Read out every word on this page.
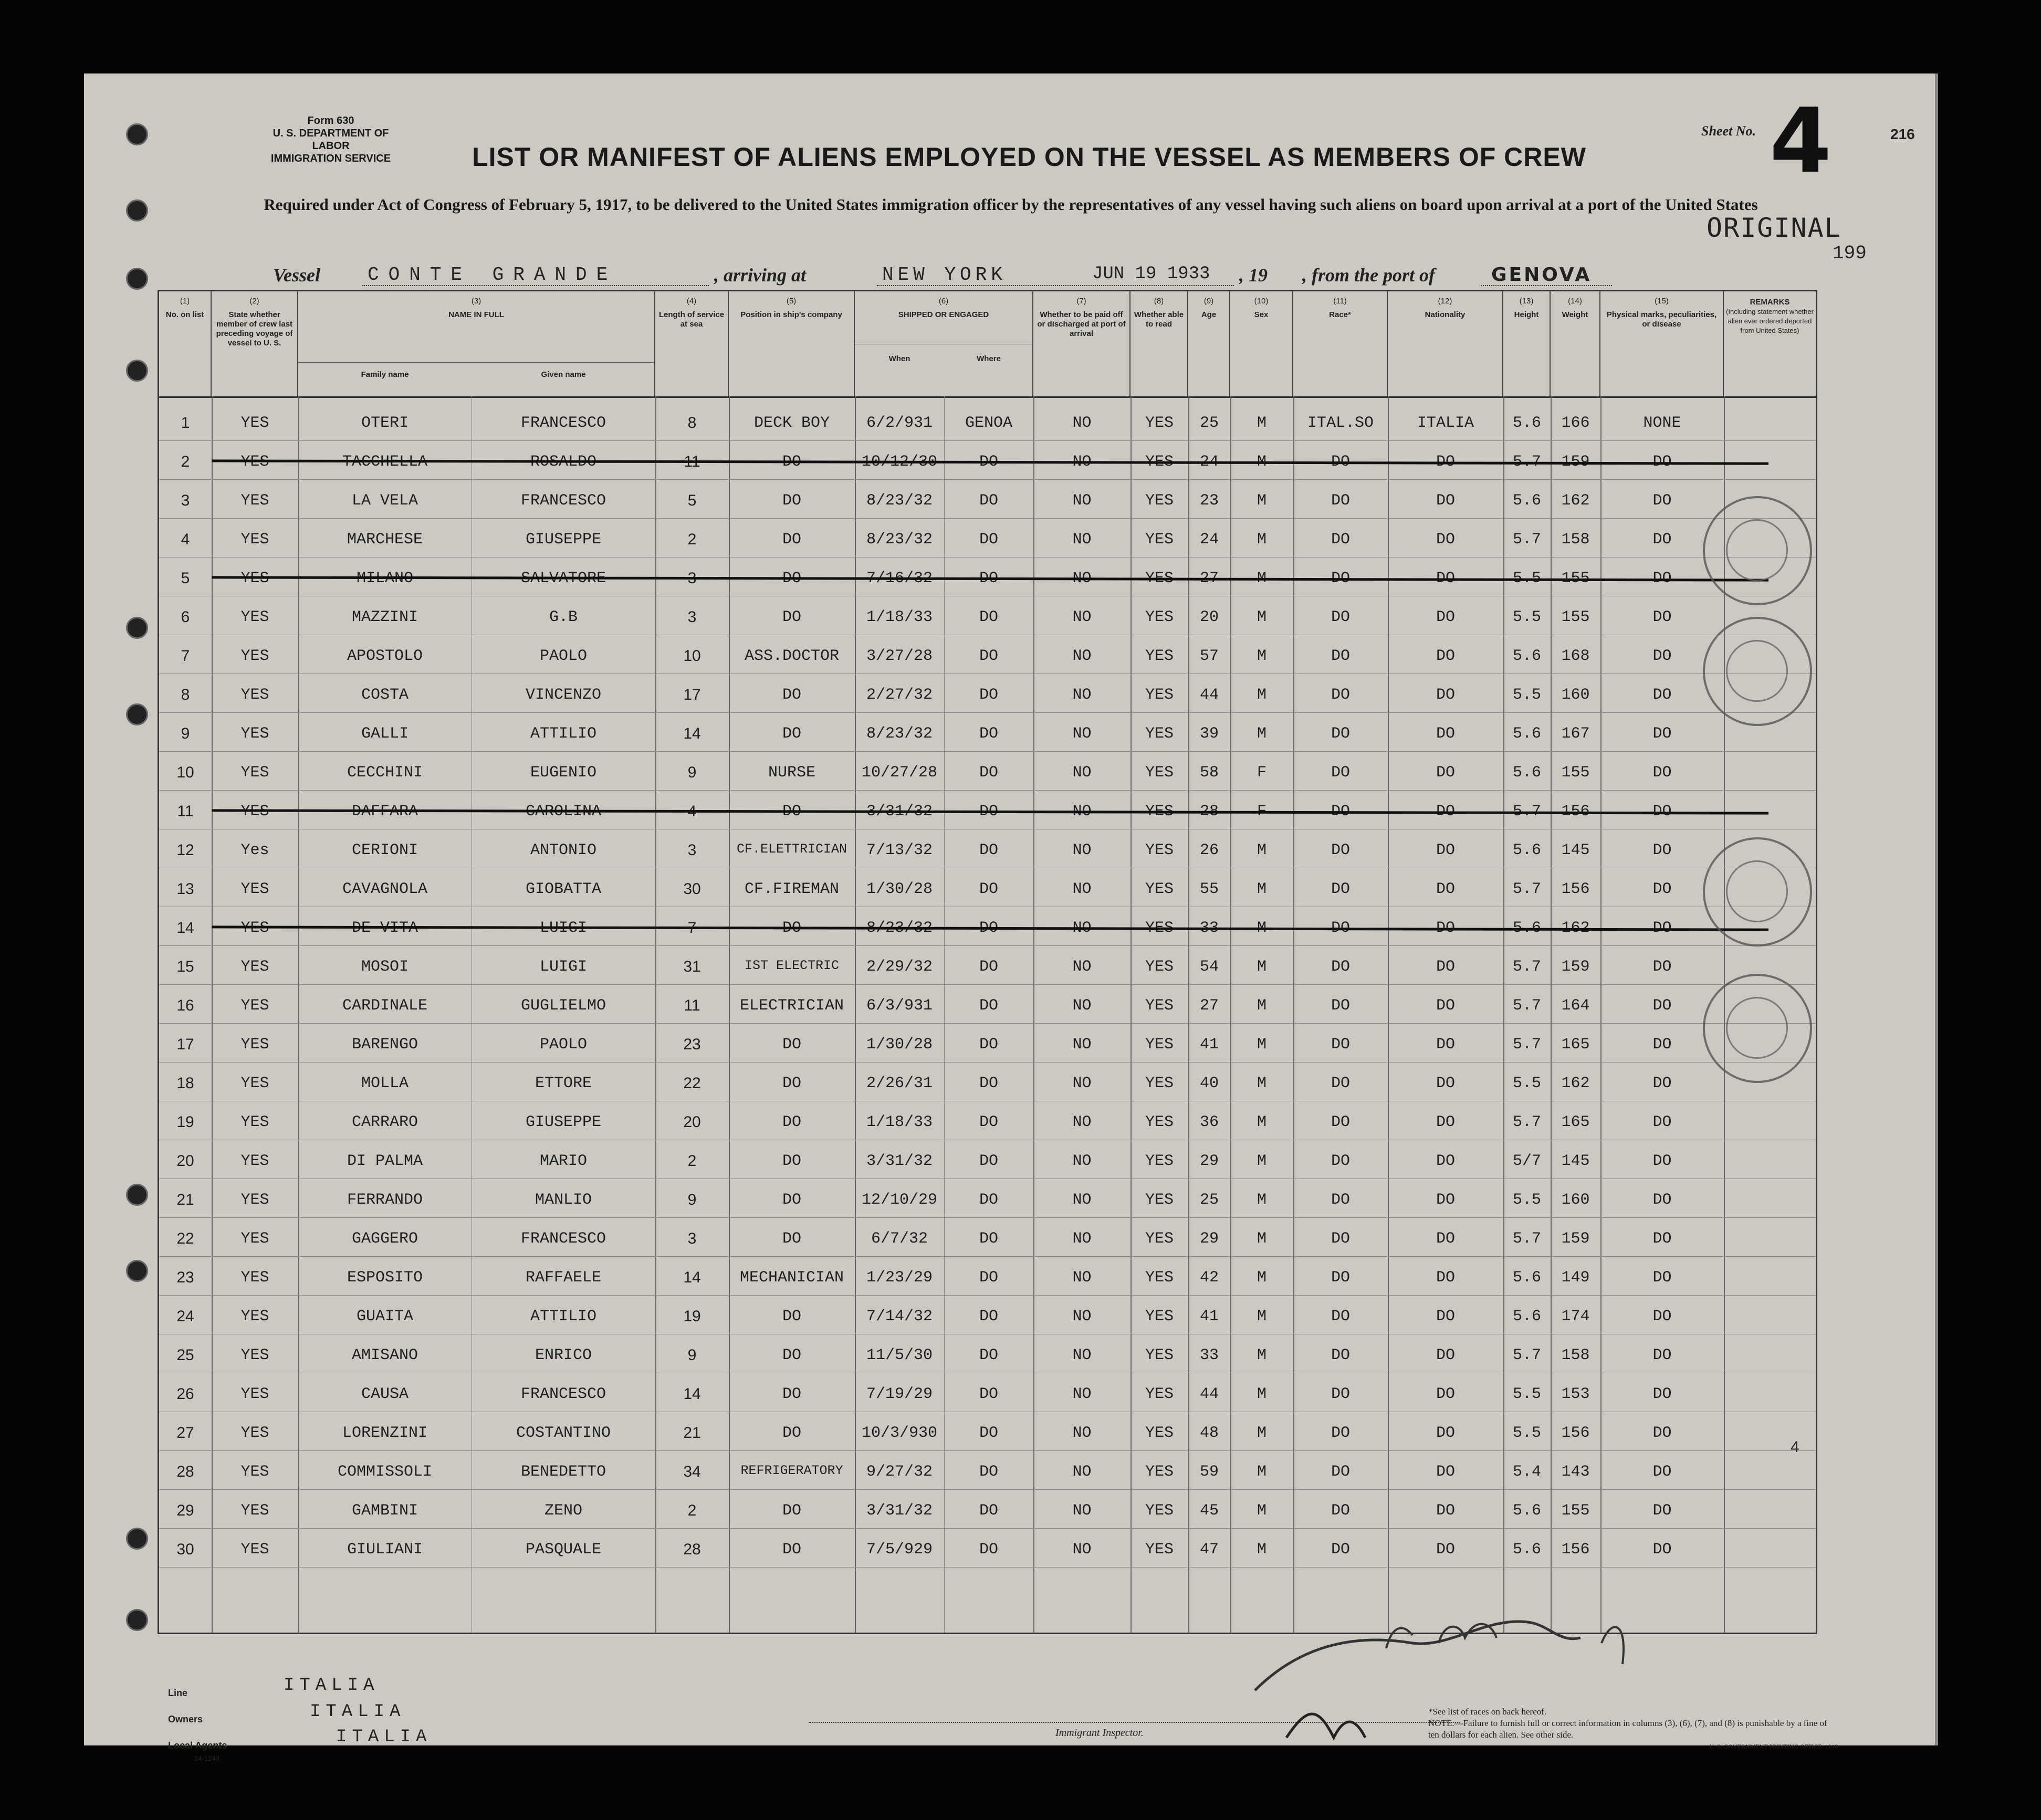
Form 630
U. S. DEPARTMENT OF LABOR
IMMIGRATION SERVICE	LIST OR MANIFEST OF ALIENS EMPLOYED ON THE VESSEL AS MEMBERS OF CREW
Required under Act of Congress of February 5, 1917, to be delivered to the United States immigration officer by the representatives of any vessel having such aliens on board upon arrival at a port of the United States
Sheet No. 4	216
ORIGINAL
199
Vessel	CONTE GRANDE	, arriving at	NEW YORK	JUN 19 1933 , 19 , from the port of	GENOVA
(1)
No. on list
(2)
State whether member of crew last preceding voyage of vessel to U. S.
(3)
NAME IN FULL
Family name	Given name
(4)
Length of service at sea
(5)
Position in ship's company
(6)
SHIPPED OR ENGAGED
When	Where
(7)
Whether to be paid off or discharged at port of arrival
(8)
Whether able to read
(9)
Age
(10)
Sex
(11)
Race*
(12)
Nationality
(13)
Height
(14)
Weight
(15)
Physical marks, peculiarities, or disease
REMARKS
(Including statement whether alien ever ordered deported from United States)
1	YES	OTERI	FRANCESCO	8	DECK BOY	6/2/931	GENOA	NO	YES	25	M	ITAL.SO	ITALIA	5.6	166	NONE
2	YES	TACCHELLA	ROSALDO	11	DO	10/12/30	DO	NO	YES	24	M	DO	DO	5.7	159	DO
3	YES	LA VELA	FRANCESCO	5	DO	8/23/32	DO	NO	YES	23	M	DO	DO	5.6	162	DO
4	YES	MARCHESE	GIUSEPPE	2	DO	8/23/32	DO	NO	YES	24	M	DO	DO	5.7	158	DO
5	YES	MILANO	SALVATORE	3	DO	7/16/32	DO	NO	YES	27	M	DO	DO	5.5	155	DO
6	YES	MAZZINI	G.B	3	DO	1/18/33	DO	NO	YES	20	M	DO	DO	5.5	155	DO
7	YES	APOSTOLO	PAOLO	10	ASS.DOCTOR	3/27/28	DO	NO	YES	57	M	DO	DO	5.6	168	DO
8	YES	COSTA	VINCENZO	17	DO	2/27/32	DO	NO	YES	44	M	DO	DO	5.5	160	DO
9	YES	GALLI	ATTILIO	14	DO	8/23/32	DO	NO	YES	39	M	DO	DO	5.6	167	DO
10	YES	CECCHINI	EUGENIO	9	NURSE	10/27/28	DO	NO	YES	58	F	DO	DO	5.6	155	DO
11	YES	DAFFARA	CAROLINA	4	DO	3/31/32	DO	NO	YES	28	F	DO	DO	5.7	156	DO
12	Yes	CERIONI	ANTONIO	3	CF.ELETTRICIAN	7/13/32	DO	NO	YES	26	M	DO	DO	5.6	145	DO
13	YES	CAVAGNOLA	GIOBATTA	30	CF.FIREMAN	1/30/28	DO	NO	YES	55	M	DO	DO	5.7	156	DO
14	YES	DE VITA	LUIGI	7	DO	8/23/32	DO	NO	YES	33	M	DO	DO	5.6	162	DO
15	YES	MOSOI	LUIGI	31	IST ELECTRIC	2/29/32	DO	NO	YES	54	M	DO	DO	5.7	159	DO
16	YES	CARDINALE	GUGLIELMO	11	ELECTRICIAN	6/3/931	DO	NO	YES	27	M	DO	DO	5.7	164	DO
17	YES	BARENGO	PAOLO	23	DO	1/30/28	DO	NO	YES	41	M	DO	DO	5.7	165	DO
18	YES	MOLLA	ETTORE	22	DO	2/26/31	DO	NO	YES	40	M	DO	DO	5.5	162	DO
19	YES	CARRARO	GIUSEPPE	20	DO	1/18/33	DO	NO	YES	36	M	DO	DO	5.7	165	DO
20	YES	DI PALMA	MARIO	2	DO	3/31/32	DO	NO	YES	29	M	DO	DO	5/7	145	DO
21	YES	FERRANDO	MANLIO	9	DO	12/10/29	DO	NO	YES	25	M	DO	DO	5.5	160	DO
22	YES	GAGGERO	FRANCESCO	3	DO	6/7/32	DO	NO	YES	29	M	DO	DO	5.7	159	DO
23	YES	ESPOSITO	RAFFAELE	14	MECHANICIAN	1/23/29	DO	NO	YES	42	M	DO	DO	5.6	149	DO
24	YES	GUAITA	ATTILIO	19	DO	7/14/32	DO	NO	YES	41	M	DO	DO	5.6	174	DO
25	YES	AMISANO	ENRICO	9	DO	11/5/30	DO	NO	YES	33	M	DO	DO	5.7	158	DO
26	YES	CAUSA	FRANCESCO	14	DO	7/19/29	DO	NO	YES	44	M	DO	DO	5.5	153	DO
27	YES	LORENZINI	COSTANTINO	21	DO	10/3/930	DO	NO	YES	48	M	DO	DO	5.5	156	DO
28	YES	COMMISSOLI	BENEDETTO	34	REFRIGERATORY	9/27/32	DO	NO	YES	59	M	DO	DO	5.4	143	DO
29	YES	GAMBINI	ZENO	2	DO	3/31/32	DO	NO	YES	45	M	DO	DO	5.6	155	DO
30	YES	GIULIANI	PASQUALE	28	DO	7/5/929	DO	NO	YES	47	M	DO	DO	5.6	156	DO
Line	ITALIA
Owners	ITALIA
Local Agents	ITALIA
14-1240
Immigrant Inspector.
*See list of races on back hereof.
NOTE.—Failure to furnish full or correct information in columns (3), (6), (7), and (8) is punishable by a fine of ten dollars for each alien. See other side.
U. S. GOVERNMENT PRINTING OFFICE: 1918
4
